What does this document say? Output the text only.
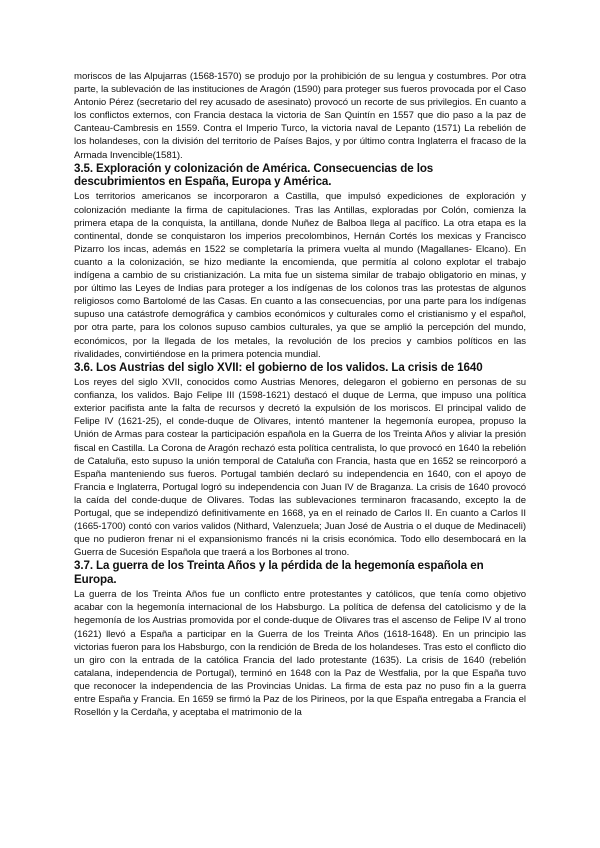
moriscos de las Alpujarras (1568-1570) se produjo por la prohibición de su lengua y costumbres. Por otra parte, la sublevación de las instituciones de Aragón (1590) para proteger sus fueros provocada por el Caso Antonio Pérez (secretario del rey acusado de asesinato) provocó un recorte de sus privilegios. En cuanto a los conflictos externos, con Francia destaca la victoria de San Quintín en 1557 que dio paso a la paz de Canteau-Cambresis en 1559. Contra el Imperio Turco, la victoria naval de Lepanto (1571) La rebelión de los holandeses, con la división del territorio de Países Bajos, y por último contra Inglaterra el fracaso de la Armada Invencible(1581).

3.5. Exploración y colonización de América. Consecuencias de los descubrimientos en España, Europa y América.

Los territorios americanos se incorporaron a Castilla, que impulsó expediciones de exploración y colonización mediante la firma de capitulaciones. Tras las Antillas, exploradas por Colón, comienza la primera etapa de la conquista, la antillana, donde Nuñez de Balboa llega al pacífico. La otra etapa es la continental, donde se conquistaron los imperios precolombinos, Hernán Cortés los mexicas y Francisco Pizarro los incas, además en 1522 se completaría la primera vuelta al mundo (Magallanes- Elcano). En cuanto a la colonización, se hizo mediante la encomienda, que permitía al colono explotar el trabajo indígena a cambio de su cristianización. La mita fue un sistema similar de trabajo obligatorio en minas, y por último las Leyes de Indias para proteger a los indígenas de los colonos tras las protestas de algunos religiosos como Bartolomé de las Casas. En cuanto a las consecuencias, por una parte para los indígenas supuso una catástrofe demográfica y cambios económicos y culturales como el cristianismo y el español, por otra parte, para los colonos supuso cambios culturales, ya que se amplió la percepción del mundo, económicos, por la llegada de los metales, la revolución de los precios y cambios políticos en las rivalidades, convirtiéndose en la primera potencia mundial.

3.6. Los Austrias del siglo XVII: el gobierno de los validos. La crisis de 1640

Los reyes del siglo XVII, conocidos como Austrias Menores, delegaron el gobierno en personas de su confianza, los validos. Bajo Felipe III (1598-1621) destacó el duque de Lerma, que impuso una política exterior pacifista ante la falta de recursos y decretó la expulsión de los moriscos. El principal valido de Felipe IV (1621-25), el conde-duque de Olivares, intentó mantener la hegemonía europea, propuso la Unión de Armas para costear la participación española en la Guerra de los Treinta Años y aliviar la presión fiscal en Castilla. La Corona de Aragón rechazó esta política centralista, lo que provocó en 1640 la rebelión de Cataluña, esto supuso la unión temporal de Cataluña con Francia, hasta que en 1652 se reincorporó a España manteniendo sus fueros. Portugal también declaró su independencia en 1640, con el apoyo de Francia e Inglaterra, Portugal logró su independencia con Juan IV de Braganza. La crisis de 1640 provocó la caída del conde-duque de Olivares. Todas las sublevaciones terminaron fracasando, excepto la de Portugal, que se independizó definitivamente en 1668, ya en el reinado de Carlos II. En cuanto a Carlos II (1665-1700) contó con varios validos (Nithard, Valenzuela; Juan José de Austria o el duque de Medinaceli) que no pudieron frenar ni el expansionismo francés ni la crisis económica. Todo ello desembocará en la Guerra de Sucesión Española que traerá a los Borbones al trono.

3.7. La guerra de los Treinta Años y la pérdida de la hegemonía española en Europa.

La guerra de los Treinta Años fue un conflicto entre protestantes y católicos, que tenía como objetivo acabar con la hegemonía internacional de los Habsburgo. La política de defensa del catolicismo y de la hegemonía de los Austrias promovida por el conde-duque de Olivares tras el ascenso de Felipe IV al trono (1621) llevó a España a participar en la Guerra de los Treinta Años (1618-1648). En un principio las victorias fueron para los Habsburgo, con la rendición de Breda de los holandeses. Tras esto el conflicto dio un giro con la entrada de la católica Francia del lado protestante (1635). La crisis de 1640 (rebelión catalana, independencia de Portugal), terminó en 1648 con la Paz de Westfalia, por la que España tuvo que reconocer la independencia de las Provincias Unidas. La firma de esta paz no puso fin a la guerra entre España y Francia. En 1659 se firmó la Paz de los Pirineos, por la que España entregaba a Francia el Rosellón y la Cerdaña, y aceptaba el matrimonio de la
